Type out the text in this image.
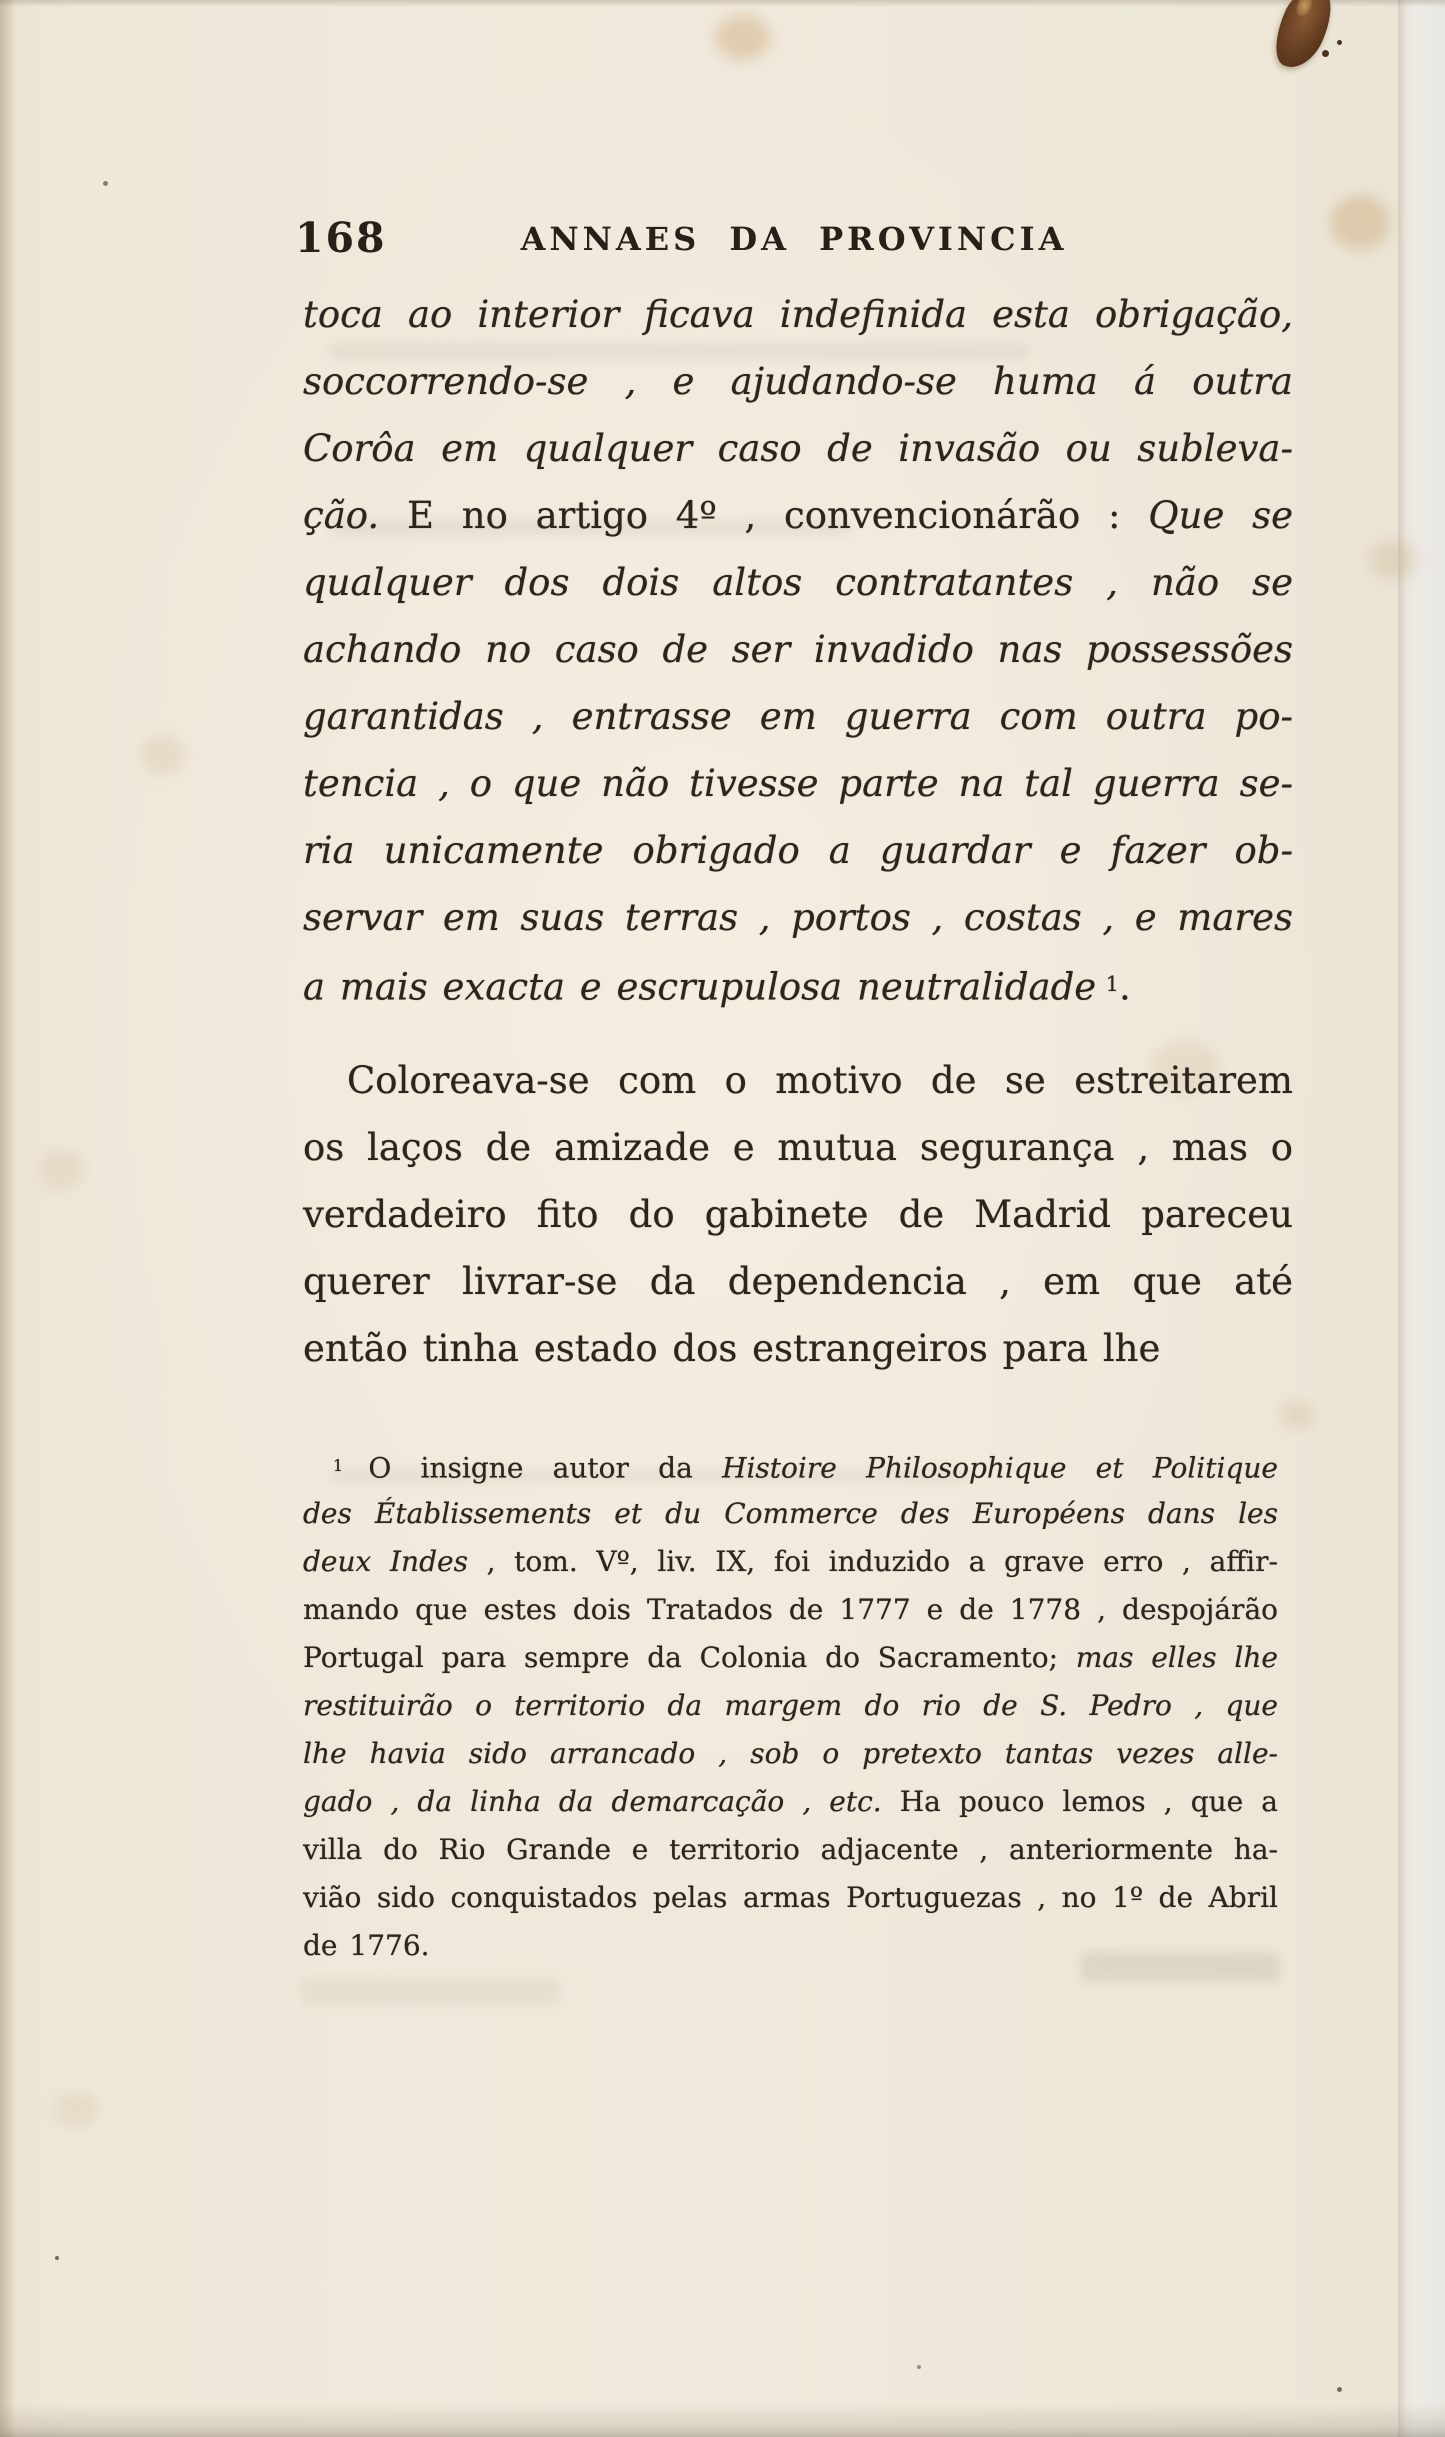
168	ANNAES DA PROVINCIA
toca ao interior ficava indefinida esta obrigação,
soccorrendo-se , e ajudando-se huma á outra
Corôa em qualquer caso de invasão ou subleva-
ção. E no artigo 4º , convencionárão : Que se
qualquer dos dois altos contratantes , não se
achando no caso de ser invadido nas possessões
garantidas , entrasse em guerra com outra po-
tencia , o que não tivesse parte na tal guerra se-
ria unicamente obrigado a guardar e fazer ob-
servar em suas terras , portos , costas , e mares
a mais exacta e escrupulosa neutralidade $^1$.
Coloreava-se com o motivo de se estreitarem
os laços de amizade e mutua segurança , mas o
verdadeiro fito do gabinete de Madrid pareceu
querer livrar-se da dependencia , em que até
então tinha estado dos estrangeiros para lhe
$^1$ O insigne autor da Histoire Philosophique et Politique
des Établissements et du Commerce des Européens dans les
deux Indes , tom. Vº, liv. IX, foi induzido a grave erro , affir-
mando que estes dois Tratados de 1777 e de 1778 , despojárão
Portugal para sempre da Colonia do Sacramento; mas elles lhe
restituirão o territorio da margem do rio de S. Pedro , que
lhe havia sido arrancado , sob o pretexto tantas vezes alle-
gado , da linha da demarcação , etc. Ha pouco lemos , que a
villa do Rio Grande e territorio adjacente , anteriormente ha-
vião sido conquistados pelas armas Portuguezas , no 1º de Abril
de 1776.
